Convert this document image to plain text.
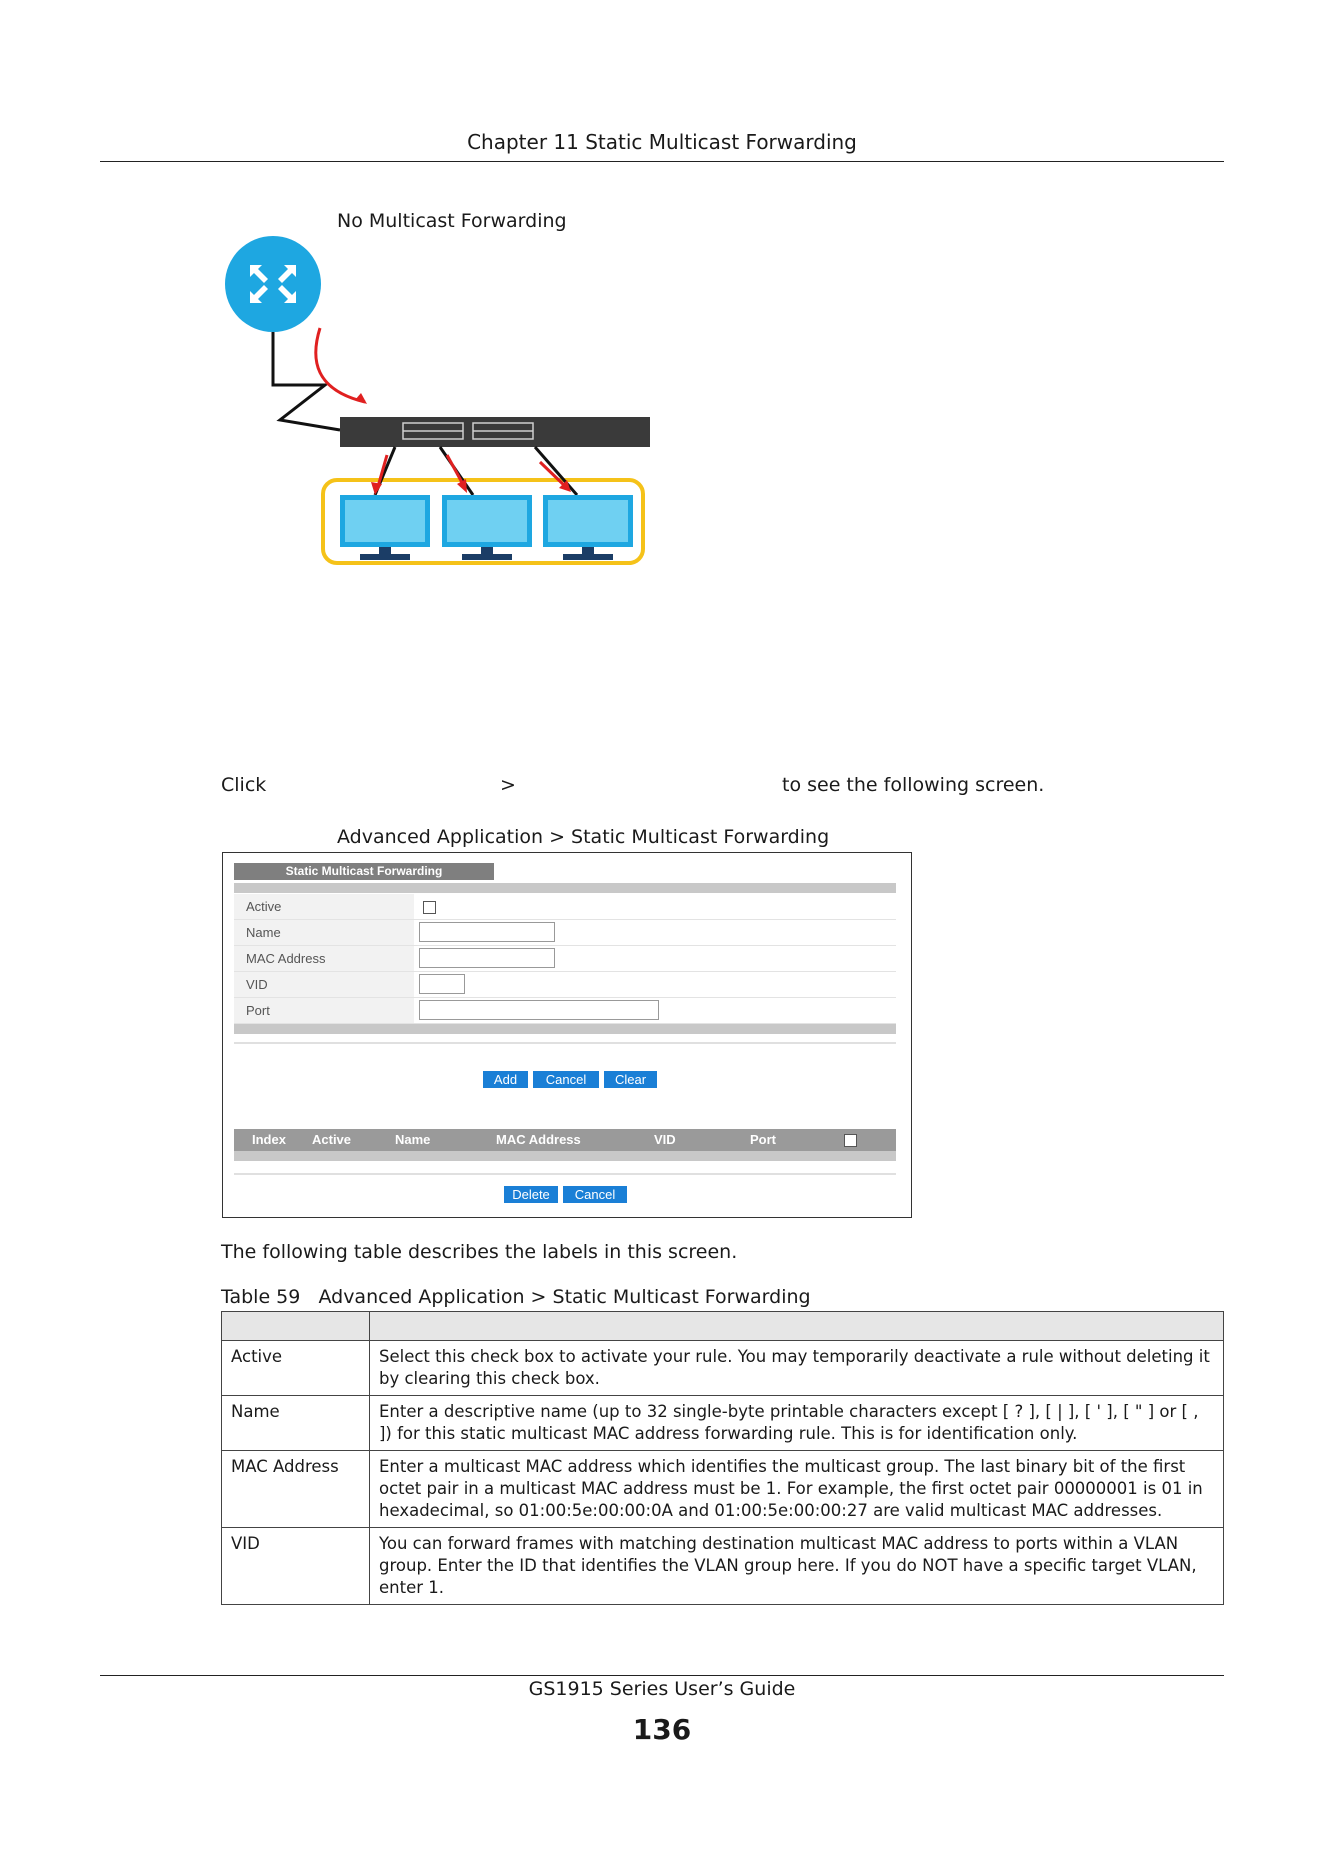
Chapter 11 Static Multicast Forwarding
No Multicast Forwarding
Click	>	to see the following screen.
Advanced Application > Static Multicast Forwarding
Static Multicast Forwarding
Active
Name
MAC Address
VID
Port
Add	Cancel	Clear
Index Active	Name	MAC Address	VID	Port
Delete	Cancel
The following table describes the labels in this screen.
Table 59   Advanced Application > Static Multicast Forwarding

Active	Select this check box to activate your rule. You may temporarily deactivate a rule without deleting it by clearing this check box.
Name	Enter a descriptive name (up to 32 single-byte printable characters except [ ? ], [ | ], [ ' ], [ " ] or [ , ]) for this static multicast MAC address forwarding rule. This is for identification only.
MAC Address	Enter a multicast MAC address which identifies the multicast group. The last binary bit of the first octet pair in a multicast MAC address must be 1. For example, the first octet pair 00000001 is 01 in hexadecimal, so 01:00:5e:00:00:0A and 01:00:5e:00:00:27 are valid multicast MAC addresses.
VID	You can forward frames with matching destination multicast MAC address to ports within a VLAN group. Enter the ID that identifies the VLAN group here. If you do NOT have a specific target VLAN, enter 1.
GS1915 Series User’s Guide
136
